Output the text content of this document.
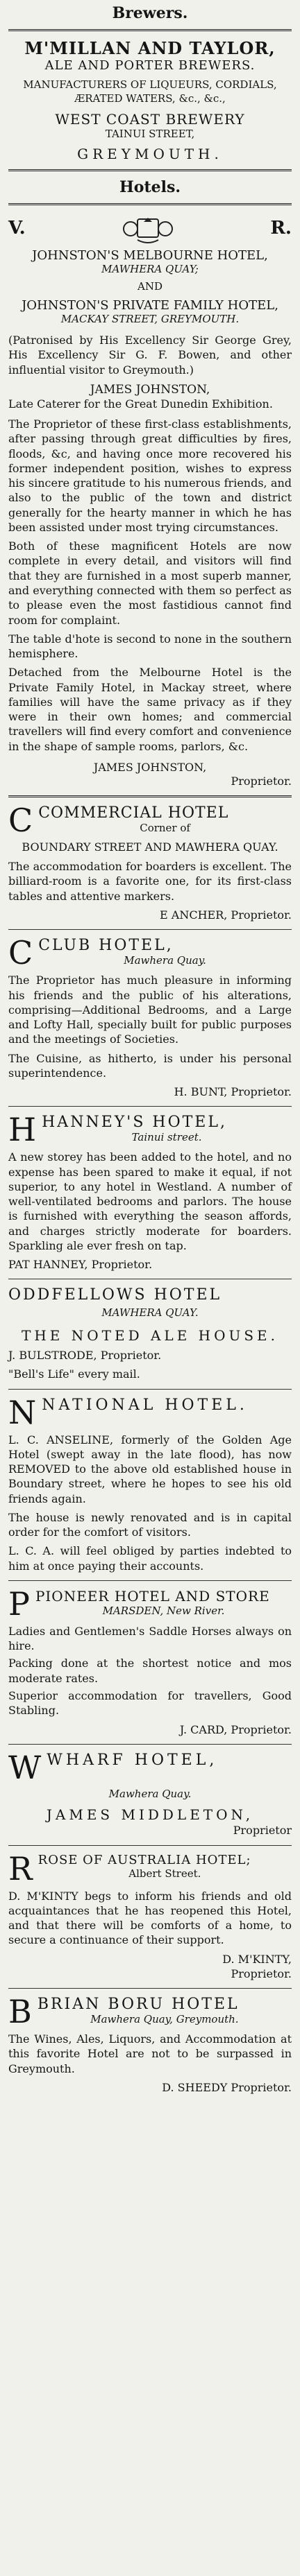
Brewers.
M'MILLAN AND TAYLOR,
ALE AND PORTER BREWERS.
MANUFACTURERS OF LIQUEURS, CORDIALS,
ÆRATED WATERS, &c., &c.,
WEST COAST BREWERY
TAINUI STREET,
GREYMOUTH.
Hotels.
V.	R.
JOHNSTON'S MELBOURNE HOTEL,
MAWHERA QUAY;
AND
JOHNSTON'S PRIVATE FAMILY HOTEL,
MACKAY STREET, GREYMOUTH.
(Patronised by His Excellency Sir George Grey, His Excellency Sir G. F. Bowen, and other influential visitor to Greymouth.)
JAMES JOHNSTON,
Late Caterer for the Great Dunedin Exhibition.
The Proprietor of these first-class establishments, after passing through great difficulties by fires, floods, &c, and having once more recovered his former independent position, wishes to express his sincere gratitude to his numerous friends, and also to the public of the town and district generally for the hearty manner in which he has been assisted under most trying circumstances.
Both of these magnificent Hotels are now complete in every detail, and visitors will find that they are furnished in a most superb manner, and everything connected with them so perfect as to please even the most fastidious cannot find room for complaint.
The table d'hote is second to none in the southern hemisphere.
Detached from the Melbourne Hotel is the Private Family Hotel, in Mackay street, where families will have the same privacy as if they were in their own homes; and commercial travellers will find every comfort and convenience in the shape of sample rooms, parlors, &c.
JAMES JOHNSTON,
Proprietor.
C COMMERCIAL HOTEL
Corner of
BOUNDARY STREET AND MAWHERA QUAY.
The accommodation for boarders is excellent. The billiard-room is a favorite one, for its first-class tables and attentive markers.
E ANCHER, Proprietor.
C CLUB HOTEL,
Mawhera Quay.
The Proprietor has much pleasure in informing his friends and the public of his alterations, comprising—Additional Bedrooms, and a Large and Lofty Hall, specially built for public purposes and the meetings of Societies.
The Cuisine, as hitherto, is under his personal superintendence.
H. BUNT, Proprietor.
H HANNEY'S HOTEL,
Tainui street.
A new storey has been added to the hotel, and no expense has been spared to make it equal, if not superior, to any hotel in Westland. A number of well-ventilated bedrooms and parlors. The house is furnished with everything the season affords, and charges strictly moderate for boarders. Sparkling ale ever fresh on tap.
PAT HANNEY, Proprietor.
ODDFELLOWS HOTEL
MAWHERA QUAY.
THE NOTED ALE HOUSE.
J. BULSTRODE, Proprietor.
"Bell's Life" every mail.
N NATIONAL HOTEL.
L. C. ANSELINE, formerly of the Golden Age Hotel (swept away in the late flood), has now REMOVED to the above old established house in Boundary street, where he hopes to see his old friends again.
The house is newly renovated and is in capital order for the comfort of visitors.
L. C. A. will feel obliged by parties indebted to him at once paying their accounts.
P PIONEER HOTEL AND STORE
MARSDEN, New River.
Ladies and Gentlemen's Saddle Horses always on hire.
Packing done at the shortest notice and mos moderate rates.
Superior accommodation for travellers, Good Stabling.
J. CARD, Proprietor.
W WHARF HOTEL,
Mawhera Quay.
JAMES MIDDLETON,
Proprietor
R ROSE OF AUSTRALIA HOTEL;
Albert Street.
D. M'KINTY begs to inform his friends and old acquaintances that he has reopened this Hotel, and that there will be comforts of a home, to secure a continuance of their support.
D. M'KINTY,
Proprietor.
B BRIAN BORU HOTEL
Mawhera Quay, Greymouth.
The Wines, Ales, Liquors, and Accommodation at this favorite Hotel are not to be surpassed in Greymouth.
D. SHEEDY Proprietor.
